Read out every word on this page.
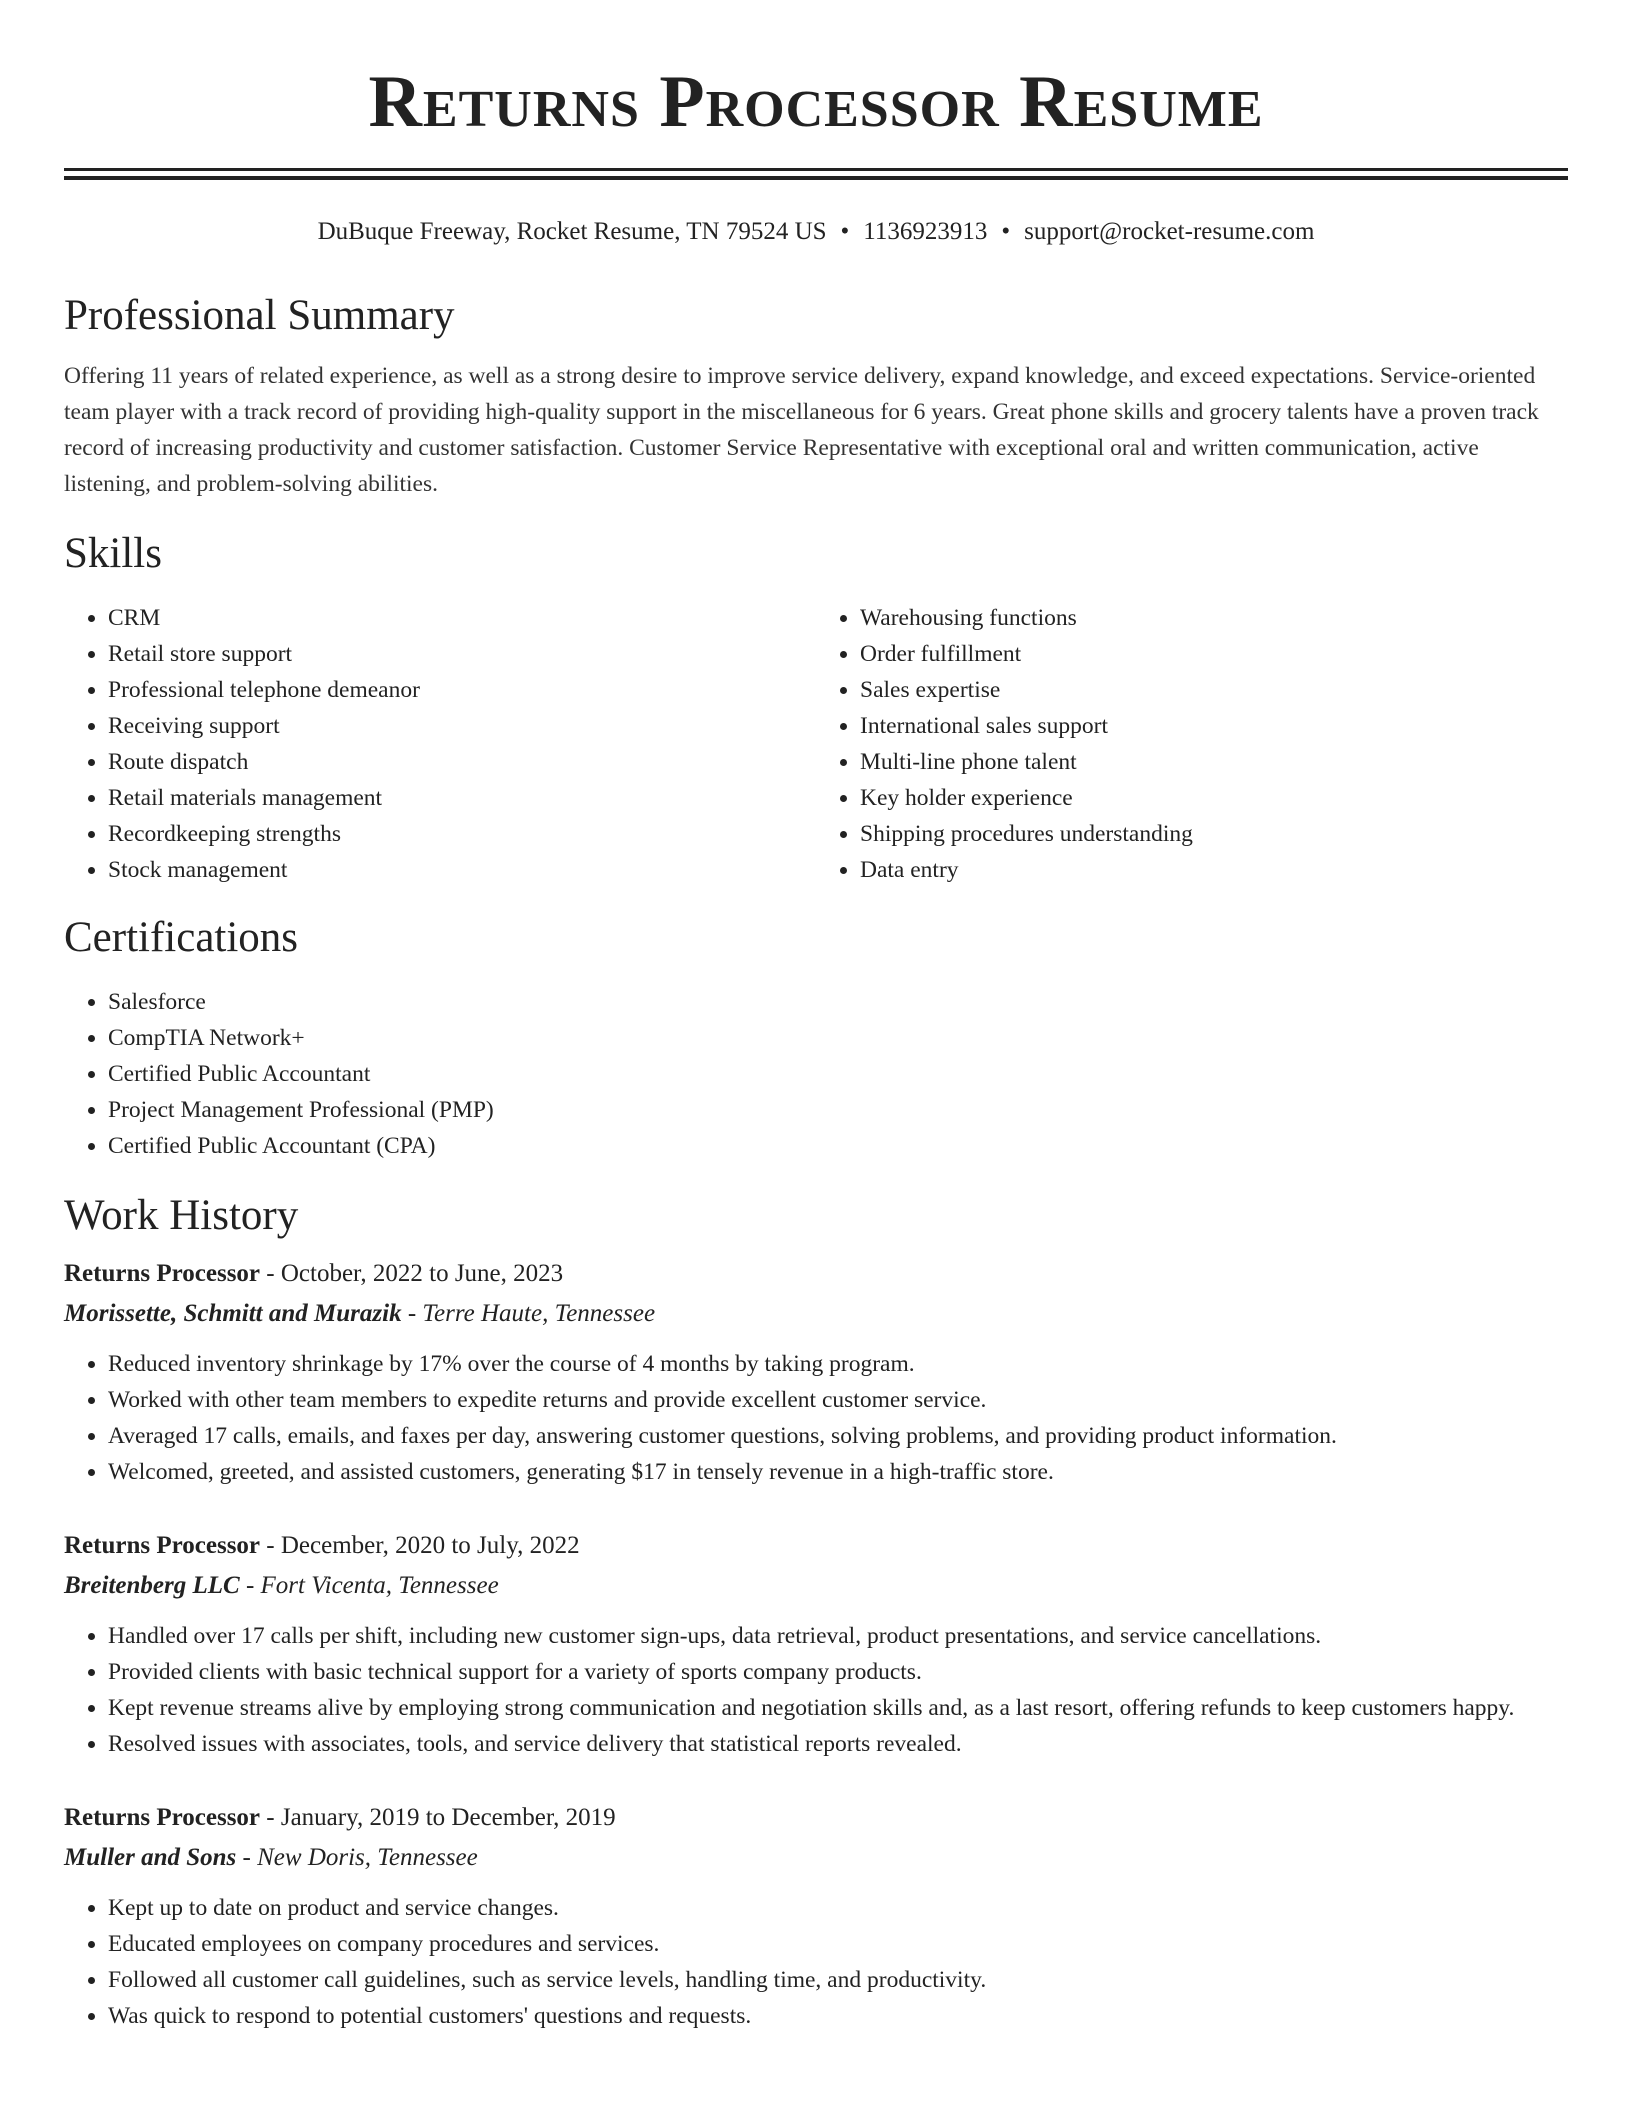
Returns Processor Resume
DuBuque Freeway, Rocket Resume, TN 79524 US • 1136923913 • support@rocket-resume.com
Professional Summary

Offering 11 years of related experience, as well as a strong desire to improve service delivery, expand knowledge, and exceed expectations. Service-oriented team player with a track record of providing high-quality support in the miscellaneous for 6 years. Great phone skills and grocery talents have a proven track record of increasing productivity and customer satisfaction. Customer Service Representative with exceptional oral and written communication, active listening, and problem-solving abilities.

Skills
• CRM
• Retail store support
• Professional telephone demeanor
• Receiving support
• Route dispatch
• Retail materials management
• Recordkeeping strengths
• Stock management
• Warehousing functions
• Order fulfillment
• Sales expertise
• International sales support
• Multi-line phone talent
• Key holder experience
• Shipping procedures understanding
• Data entry
Certifications
• Salesforce
• CompTIA Network+
• Certified Public Accountant
• Project Management Professional (PMP)
• Certified Public Accountant (CPA)
Work History
Returns Processor - October, 2022 to June, 2023
Morissette, Schmitt and Murazik - Terre Haute, Tennessee
• Reduced inventory shrinkage by 17% over the course of 4 months by taking program.
• Worked with other team members to expedite returns and provide excellent customer service.
• Averaged 17 calls, emails, and faxes per day, answering customer questions, solving problems, and providing product information.
• Welcomed, greeted, and assisted customers, generating $17 in tensely revenue in a high-traffic store.
Returns Processor - December, 2020 to July, 2022
Breitenberg LLC - Fort Vicenta, Tennessee
• Handled over 17 calls per shift, including new customer sign-ups, data retrieval, product presentations, and service cancellations.
• Provided clients with basic technical support for a variety of sports company products.
• Kept revenue streams alive by employing strong communication and negotiation skills and, as a last resort, offering refunds to keep customers happy.
• Resolved issues with associates, tools, and service delivery that statistical reports revealed.
Returns Processor - January, 2019 to December, 2019
Muller and Sons - New Doris, Tennessee
• Kept up to date on product and service changes.
• Educated employees on company procedures and services.
• Followed all customer call guidelines, such as service levels, handling time, and productivity.
• Was quick to respond to potential customers' questions and requests.
